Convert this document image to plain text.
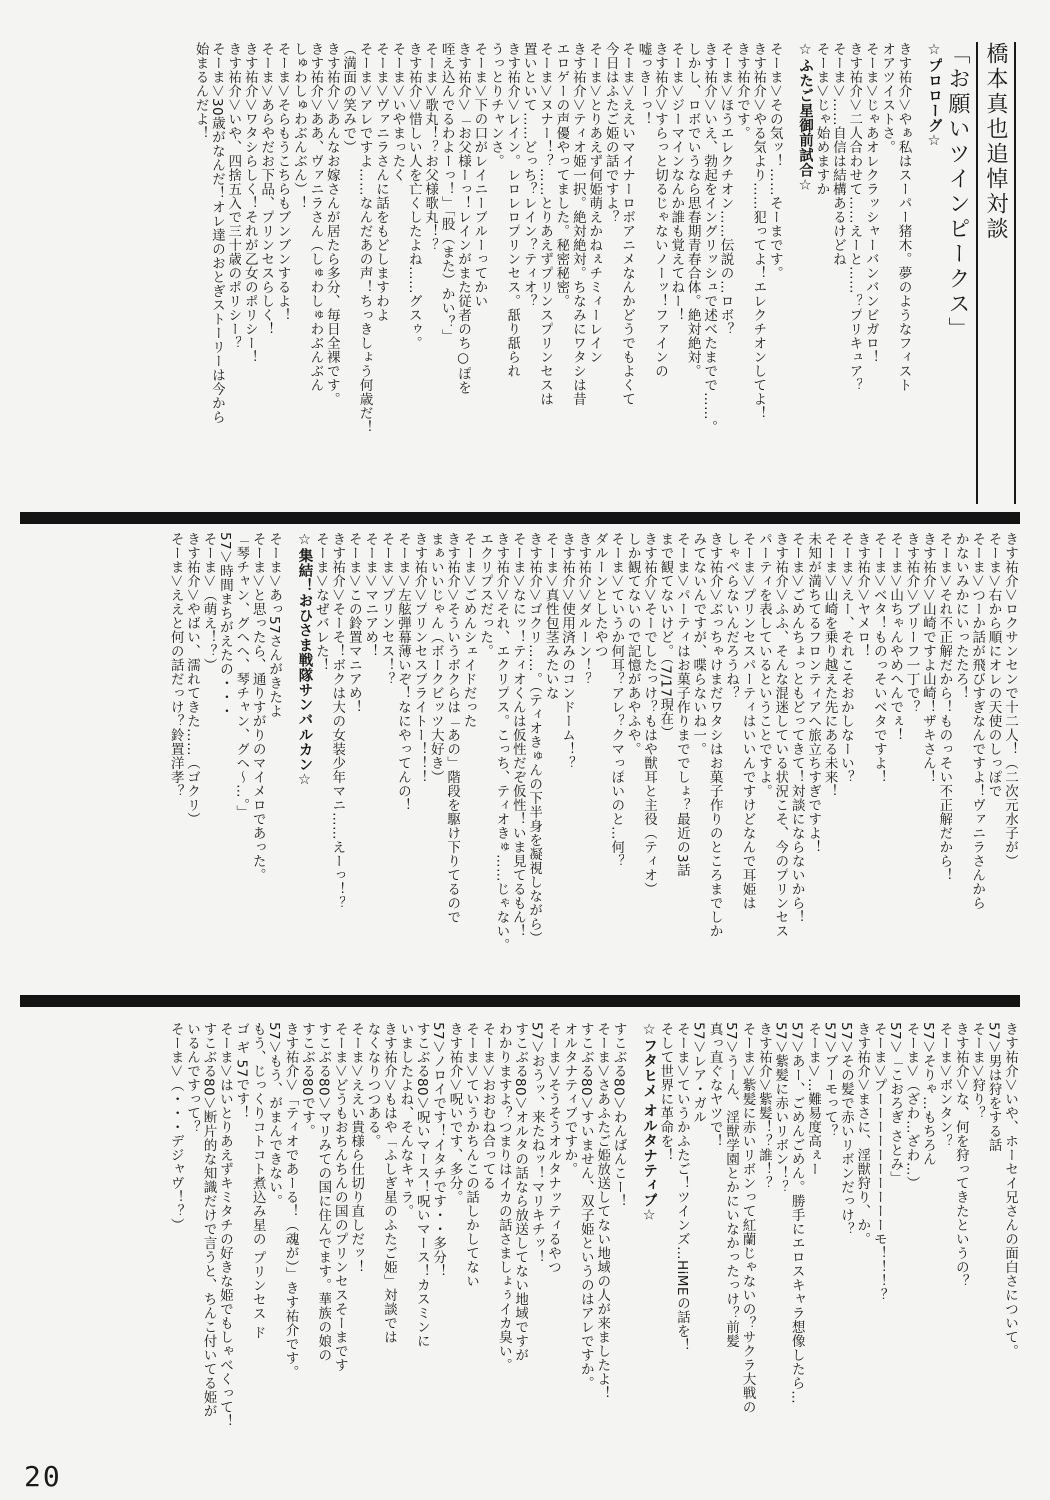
橋本真也追悼対談
「お願いツインピークス」
☆プロローグ☆
きす祐介＞やぁ私はスーパー猪木。夢のようなフィスト
オアツイストさ。
そーま＞じゃあオレクラッシャーバンバンビガロ！
きす祐介＞二人合わせて……えーと……？プリキュア？
そーま＞……自信は結構あるけどね
そーま＞じゃ始めますか
☆ふたご星御前試合☆
そーま＞その気ッ！……そーまです。
きす祐介＞やる気より……犯ってよ！エレクチオンしてよ！
きす祐介です。
そーま＞ほうエレクチオン……伝説の…ロボ？
きす祐介＞いえ、勃起をイングリッシュで述べたまでで……。
しかし、ロボでいうなら思春期青春合体。絶対絶対。
そーま＞ジーマインなんか誰も覚えてねー！
きす祐介＞すらっと切るじゃないノーッ！ファインの
嘘っきーっ！
そーま＞ええいマイナーロボアニメなんかどうでもよくて
今日はふたご姫の話ですよ？
そーま＞とりあえず何姫萌えかねぇチミィーレイン
きす祐介＞ティオ姫一択。絶対絶対。ちなみにワタシは昔
エロゲーの声優やってました。秘密秘密。
そーま＞ヌナー！？……とりあえずプリンスプリンセスは
置いといて……どっち？レイン？ティオ？
きす祐介＞レイン。レロレロプリンセス。舐り舐られ
うっとりチャンさ。
そーま＞下の口がレイニーブルーってかい
きす祐介＞「お父様ーっ！レインがまた従者のち○ぽを
咥え込んでるわよーっ！」「股（また）かい？」
そーま＞歌丸！？お父様歌丸！？
きす祐介＞惜しい人を亡くしたよね……グスゥ。
そーま＞いやまったく
そーま＞ヴァニラさんに話をもどしますわよ
そーま＞アレですよ……なんだあの声！ちっきしょう何歳だ！
（満面の笑みで）
きす祐介＞あんなお嫁さんが居たら多分、毎日全裸です。
きす祐介＞ああ、ヴァニラさん（しゅわしゅわぶんぶん
しゅわしゅわぶんぶん）！
そーま＞そらもうこちらもブンブンするよ！
そーま＞あらやだお下品、プリンセスらしく！
きす祐介＞ワタシらしく！それが乙女のポリシー！
きす祐介＞いや、四捨五入で三十歳のポリシー？
そーま＞30歳がなんだ！オレ達のおとぎストーリーは今から
始まるんだよ！
きす祐介＞ロクサンセンで十二人！（二次元水子が）
そーま＞右から順にオレの天使のしっぽで
そーま＞つーか話が飛びすぎなんですよ！ヴァニラさんから
かないみかにいったたろ！
そーま＞それ不正解だから！ものっそい不正解だから！
きす祐介＞山崎ですよ山崎！ザキさん！
きす祐介＞ブリーフ一丁で？
そーま＞山ちゃんやめへんでぇ！
そーま＞ベタ！ものっそいベタですよ！
きす祐介＞ヤメロ！
そーま＞えー、それこそおかしなーい？
そーま＞山崎を乗り越えた先にある未来！
未知が満ちてるフロンティアへ旅立ちすぎですよ！
そーま＞ごめんちょっともどってきて！対談にならないから！
きす祐介＞ふふ、そんな混迷している状況こそ、今のプリンセス
パーティを表しているということですよ。
そーま＞プリンセスパーティはいいんですけどなんで耳姫は
しゃべらないんだろうね？
きす祐介＞ぶっちゃけまだワタシはお菓子作りのところまでしか
みてないんですが、喋らないね一。
そーま＞パーティはお菓子作りまででしょ？最近の3話
まで観てないけど。（7/17現在）
きす祐介＞そーでしたっけ？もはや獣耳と主役（ティオ）
しか観てないので記憶があやふや。
そーま＞ていうか何耳？アレ？クマっぽいのと…何？
ダルーンとしたやつ
きす祐介＞ダルーン！？
きす祐介＞使用済みのコンドーム！？
そーま＞真性包茎みたいな
きす祐介＞ゴクリ……。（ティオきゅんの下半身を凝視しながら）
そーま＞なにッ！ティオくんは仮性だぞ仮性！いま見てるもん！
きす祐介＞それ、エクリプス。こっち、ティオきゅ……じゃない。
エクリプスだった。
そーま＞ごめんシェイドだった
きす祐介＞そういうボクらは「あの」階段を駆け下りてるので
まぁいいじゃん（ボークビッツ大好き）
きす祐介＞プリンセスブライトー！！！
そーま＞左舷弾幕薄いぞ！なにやってんの！
そーま＞プリンセス！？
そーま＞マニアめ！
そーま＞この鈴置マニアめ！
きす祐介＞そーそ！ボクは大の女装少年マニ……えーっ！？
そーま＞なぜバレた！
☆集結！おひさま戦隊サンバルカン☆
そーま＞あっ57さんがきたよ
そーま＞と思ったら、通りすがりのマイメロであった。
「琴チャン、グヘヘ、琴チャン、グヘ〜…。」
57＞時間まちがえたの・・・
そーま＞（萌え！？）
きす祐介＞やばい、濡れてきた……（ゴクリ）
そーま＞ええと何の話だっけ？鈴置洋孝？
きす祐介＞いや、ホーセイ兄さんの面白さについて。
57＞男は狩をする話
そーま＞狩り？
きす祐介＞な、何を狩ってきたというの？
そーま＞ボンタン？
57＞そりゃ…もちろん
そーま＞（ざわ…ざわ…）
57＞「こおろぎ さとみ」
そーま＞プーーーーーーーーーーモ！！！？
きす祐介＞まさに、淫獣狩り、か。
57＞その髪で赤いリボンだっけ？
57＞ブーモって？
そーま＞…難易度高ぇー
57＞あー、ごめんごめん。勝手にエロスキャラ想像したら…
57＞紫髪に赤いリボン！？
きす祐介＞紫髪！？誰！？
そーま＞紫髪に赤いリボンって紅蘭じゃないの？サクラ大戦の
57＞うーん、淫獣学園とかにいなかったっけ？前髪
真っ直ぐなヤツで！
57＞レア・ガル
そーま＞ていうかふたご！ツインズ…HiMEの話を！
そして世界に革命を！
☆フタヒメ オルタナティブ☆
すこぶる80＞わんばんこー！
そーま＞さあふたご姫放送してない地域の人が来ましたよ！
すこぶる80＞すいません、双子姫というのはアレですか。
オルタナティブですか。
そーま＞そうそうオルタナッティるやつ
57＞おうッ、来たねッ！マリキチッ！
すこぶる80＞オルタの話なら放送してない地域ですが
わかりますよ？つまりはイカの話さましょぅイカ臭い。
そーま＞おおむね合ってる
そーま＞ていうかちんこの話しかしてない
きす祐介＞呪いです、多分。
57＞ノロイです！イタチです・・多分！
すこぶる80＞呪いマース！呪いマース！カスミンに
いましたよね、そんなキャラ。
きす祐介＞もはや「ふしぎ星のふたご姫」対談では
なくなりつつある。
そーま＞ええい貴様ら仕切り直しだッ！
そーま＞どうもおちんちんの国のプリンセスそーまです
すこぶる80＞マリみての国に住んでます。華族の娘の
すこぶる80です。
きす祐介＞「ティオであーる！（魂が）」きす祐介です。
57＞もう、がまんできない。
もう、じっくりコトコト煮込み星の プリンセス ド
ゴ ギ 57です！
そーま＞はいとりあえずキミタチの好きな姫でもしゃべくって！
すこぶる80＞断片的な知識だけで言うと、ちんこ付いてる姫が
いるんですって？
そーま＞（・・・デジャヴ！？）
20
